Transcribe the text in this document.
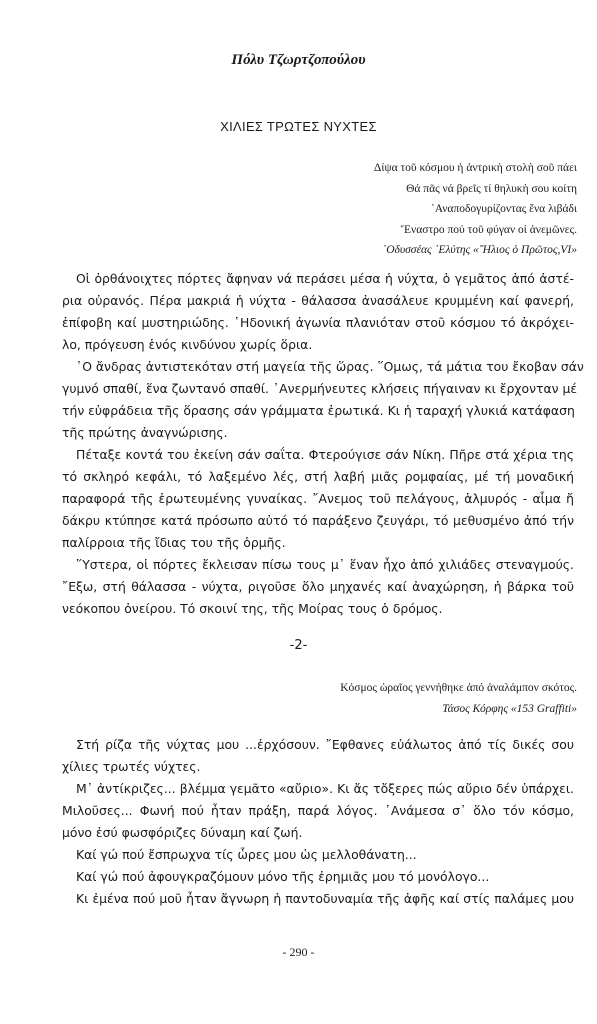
Πόλυ Τζωρτζοπούλου
ΧΙΛΙΕΣ ΤΡΩΤΕΣ ΝΥΧΤΕΣ
Δίψα τοῦ κόσμου ἡ ἀντρικὴ στολὴ σοῦ πάει
Θά πᾶς νά βρεῖς τί θηλυκὴ σου κοίτη
᾿Αναποδογυρίζοντας ἕνα λιβάδι
Ἔναστρο πού τοῦ φύγαν οἱ ἀνεμῶνες.
᾿Οδυσσέας ᾿Ελύτης «῞Ηλιος ὁ Πρῶτος,VI»
Οἱ ὀρθάνοιχτες πόρτες ἄφηναν νά περάσει μέσα ἡ νύχτα, ὁ γεμᾶτος ἀπό ἀστέ-
ρια οὐρανός. Πέρα μακριά ἡ νύχτα - θάλασσα ἀνασάλευε κρυμμένη καί φανερή,
ἐπίφοβη καί μυστηριώδης. ῾Ηδονική ἀγωνία πλανιόταν στοῦ κόσμου τό ἀκρόχει-
λο, πρόγευση ἑνός κινδύνου χωρίς ὅρια.
῾Ο ἄνδρας ἀντιστεκόταν στή μαγεία τῆς ὥρας. ῞Ομως, τά μάτια του ἔκοβαν σάν
γυμνό σπαθί, ἕνα ζωντανό σπαθί. ᾿Ανερμήνευτες κλήσεις πήγαιναν κι ἔρχονταν μέ
τήν εὐφράδεια τῆς ὅρασης σάν γράμματα ἐρωτικά. Κι ἡ ταραχή γλυκιά κατάφαση
τῆς πρώτης ἀναγνώρισης.
Πέταξε κοντά του ἐκείνη σάν σαΐτα. Φτερούγισε σάν Νίκη. Πῆρε στά χέρια της
τό σκληρό κεφάλι, τό λαξεμένο λές, στή λαβή μιᾶς ρομφαίας, μέ τή μοναδική
παραφορά τῆς ἐρωτευμένης γυναίκας. ῎Ανεμος τοῦ πελάγους, ἁλμυρός - αἷμα ἤ
δάκρυ κτύπησε κατά πρόσωπο αὐτό τό παράξενο ζευγάρι, τό μεθυσμένο ἀπό τήν
παλίρροια τῆς ἴδιας του τῆς ὁρμῆς.
῞Υστερα, οἱ πόρτες ἔκλεισαν πίσω τους μ᾿ ἕναν ἦχο ἀπό χιλιάδες στεναγμούς.
῎Εξω, στή θάλασσα - νύχτα, ριγοῦσε ὅλο μηχανές καί ἀναχώρηση, ἡ βάρκα τοῦ
νεόκοπου ὀνείρου. Τό σκοινί της, τῆς Μοίρας τους ὁ δρόμος.
-2-
Κόσμος ὡραῖος γεννήθηκε ἀπό ἀναλάμπον σκότος.
Τάσος Κόρφης «153 Graffiti»
Στή ρίζα τῆς νύχτας μου ...ἐρχόσουν. ῎Εφθανες εὐάλωτος ἀπό τίς δικές σου
χίλιες τρωτές νύχτες.
Μ᾿ ἀντίκριζες... βλέμμα γεμᾶτο «αὔριο». Κι ἄς τὄξερες πώς αὔριο δέν ὑπάρχει.
Μιλοῦσες... Φωνή πού ἦταν πράξη, παρά λόγος. ᾿Ανάμεσα σ᾿ ὅλο τόν κόσμο,
μόνο ἐσύ φωσφόριζες δύναμη καί ζωή.
Καί γώ πού ἔσπρωχνα τίς ὧρες μου ὡς μελλοθάνατη...
Καί γώ πού ἀφουγκραζόμουν μόνο τῆς ἐρημιᾶς μου τό μονόλογο...
Κι ἐμένα πού μοῦ ἦταν ἄγνωρη ἡ παντοδυναμία τῆς ἀφῆς καί στίς παλάμες μου
- 290 -
